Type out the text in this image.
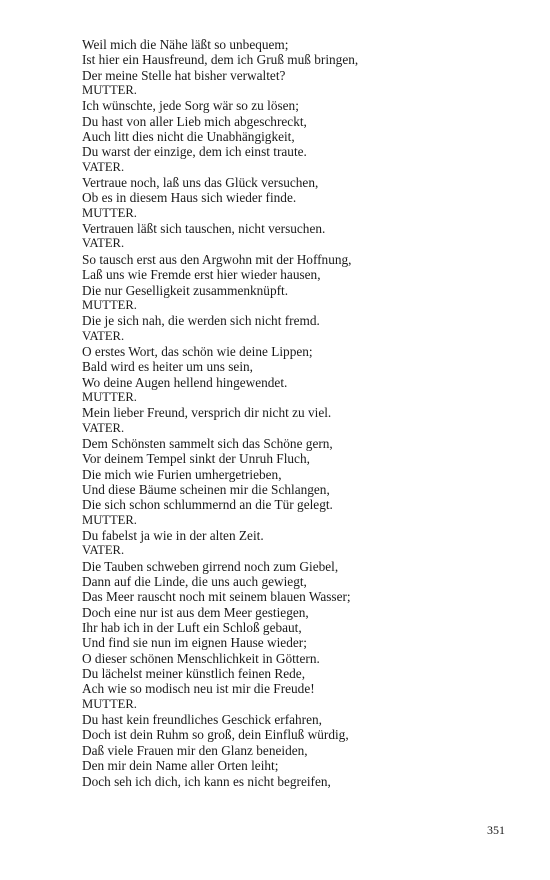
Weil mich die Nähe läßt so unbequem;
Ist hier ein Hausfreund, dem ich Gruß muß bringen,
Der meine Stelle hat bisher verwaltet?
MUTTER.
Ich wünschte, jede Sorg wär so zu lösen;
Du hast von aller Lieb mich abgeschreckt,
Auch litt dies nicht die Unabhängigkeit,
Du warst der einzige, dem ich einst traute.
VATER.
Vertraue noch, laß uns das Glück versuchen,
Ob es in diesem Haus sich wieder finde.
MUTTER.
Vertrauen läßt sich tauschen, nicht versuchen.
VATER.
So tausch erst aus den Argwohn mit der Hoffnung,
Laß uns wie Fremde erst hier wieder hausen,
Die nur Geselligkeit zusammenknüpft.
MUTTER.
Die je sich nah, die werden sich nicht fremd.
VATER.
O erstes Wort, das schön wie deine Lippen;
Bald wird es heiter um uns sein,
Wo deine Augen hellend hingewendet.
MUTTER.
Mein lieber Freund, versprich dir nicht zu viel.
VATER.
Dem Schönsten sammelt sich das Schöne gern,
Vor deinem Tempel sinkt der Unruh Fluch,
Die mich wie Furien umhergetrieben,
Und diese Bäume scheinen mir die Schlangen,
Die sich schon schlummernd an die Tür gelegt.
MUTTER.
Du fabelst ja wie in der alten Zeit.
VATER.
Die Tauben schweben girrend noch zum Giebel,
Dann auf die Linde, die uns auch gewiegt,
Das Meer rauscht noch mit seinem blauen Wasser;
Doch eine nur ist aus dem Meer gestiegen,
Ihr hab ich in der Luft ein Schloß gebaut,
Und find sie nun im eignen Hause wieder;
O dieser schönen Menschlichkeit in Göttern.
Du lächelst meiner künstlich feinen Rede,
Ach wie so modisch neu ist mir die Freude!
MUTTER.
Du hast kein freundliches Geschick erfahren,
Doch ist dein Ruhm so groß, dein Einfluß würdig,
Daß viele Frauen mir den Glanz beneiden,
Den mir dein Name aller Orten leiht;
Doch seh ich dich, ich kann es nicht begreifen,
351
